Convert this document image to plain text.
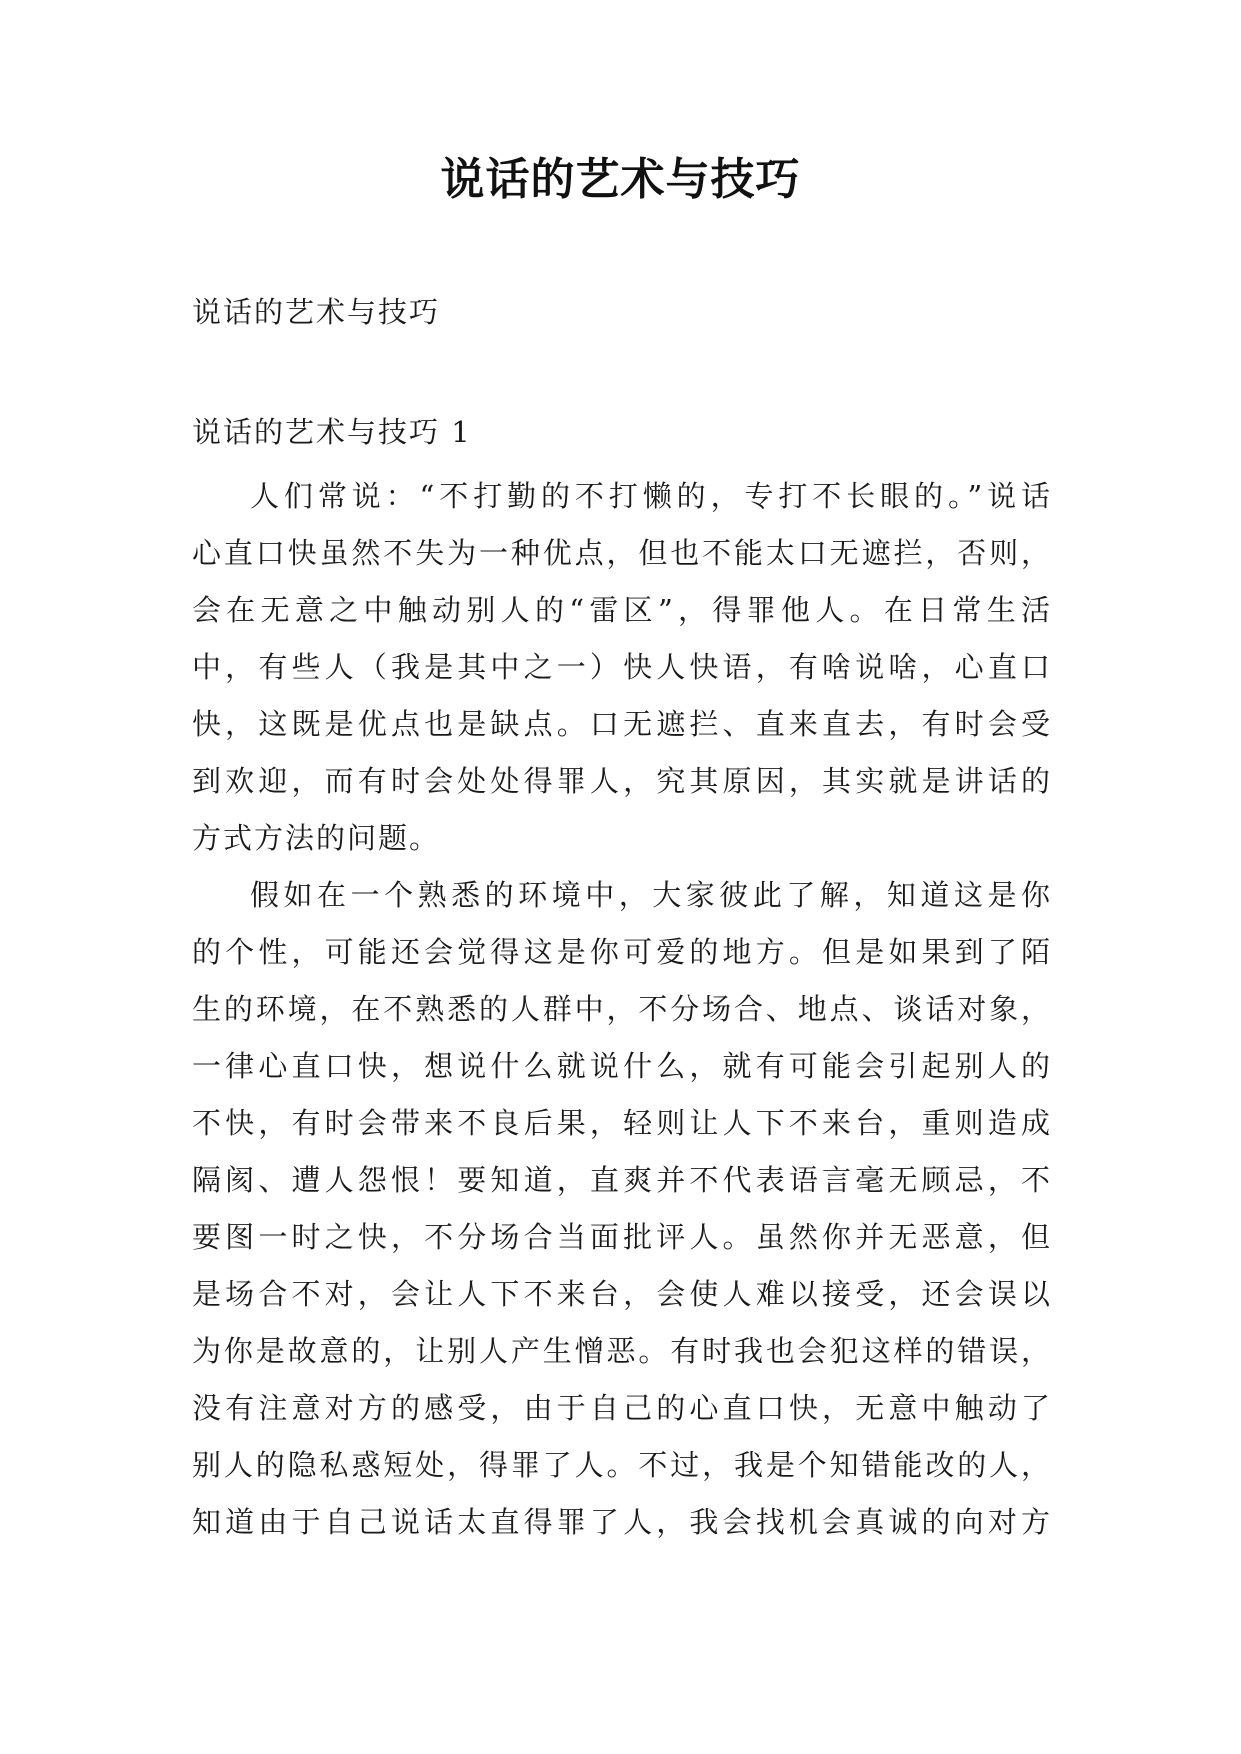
说话的艺术与技巧
说话的艺术与技巧
说话的艺术与技巧 1
人们常说：“不打勤的不打懒的，专打不长眼的。”说话
心直口快虽然不失为一种优点，但也不能太口无遮拦，否则，
会在无意之中触动别人的“雷区”，得罪他人。在日常生活
中，有些人（我是其中之一）快人快语，有啥说啥，心直口
快，这既是优点也是缺点。口无遮拦、直来直去，有时会受
到欢迎，而有时会处处得罪人，究其原因，其实就是讲话的
方式方法的问题。
假如在一个熟悉的环境中，大家彼此了解，知道这是你
的个性，可能还会觉得这是你可爱的地方。但是如果到了陌
生的环境，在不熟悉的人群中，不分场合、地点、谈话对象，
一律心直口快，想说什么就说什么，就有可能会引起别人的
不快，有时会带来不良后果，轻则让人下不来台，重则造成
隔阂、遭人怨恨！要知道，直爽并不代表语言毫无顾忌，不
要图一时之快，不分场合当面批评人。虽然你并无恶意，但
是场合不对，会让人下不来台，会使人难以接受，还会误以
为你是故意的，让别人产生憎恶。有时我也会犯这样的错误，
没有注意对方的感受，由于自己的心直口快，无意中触动了
别人的隐私惑短处，得罪了人。不过，我是个知错能改的人，
知道由于自己说话太直得罪了人，我会找机会真诚的向对方
